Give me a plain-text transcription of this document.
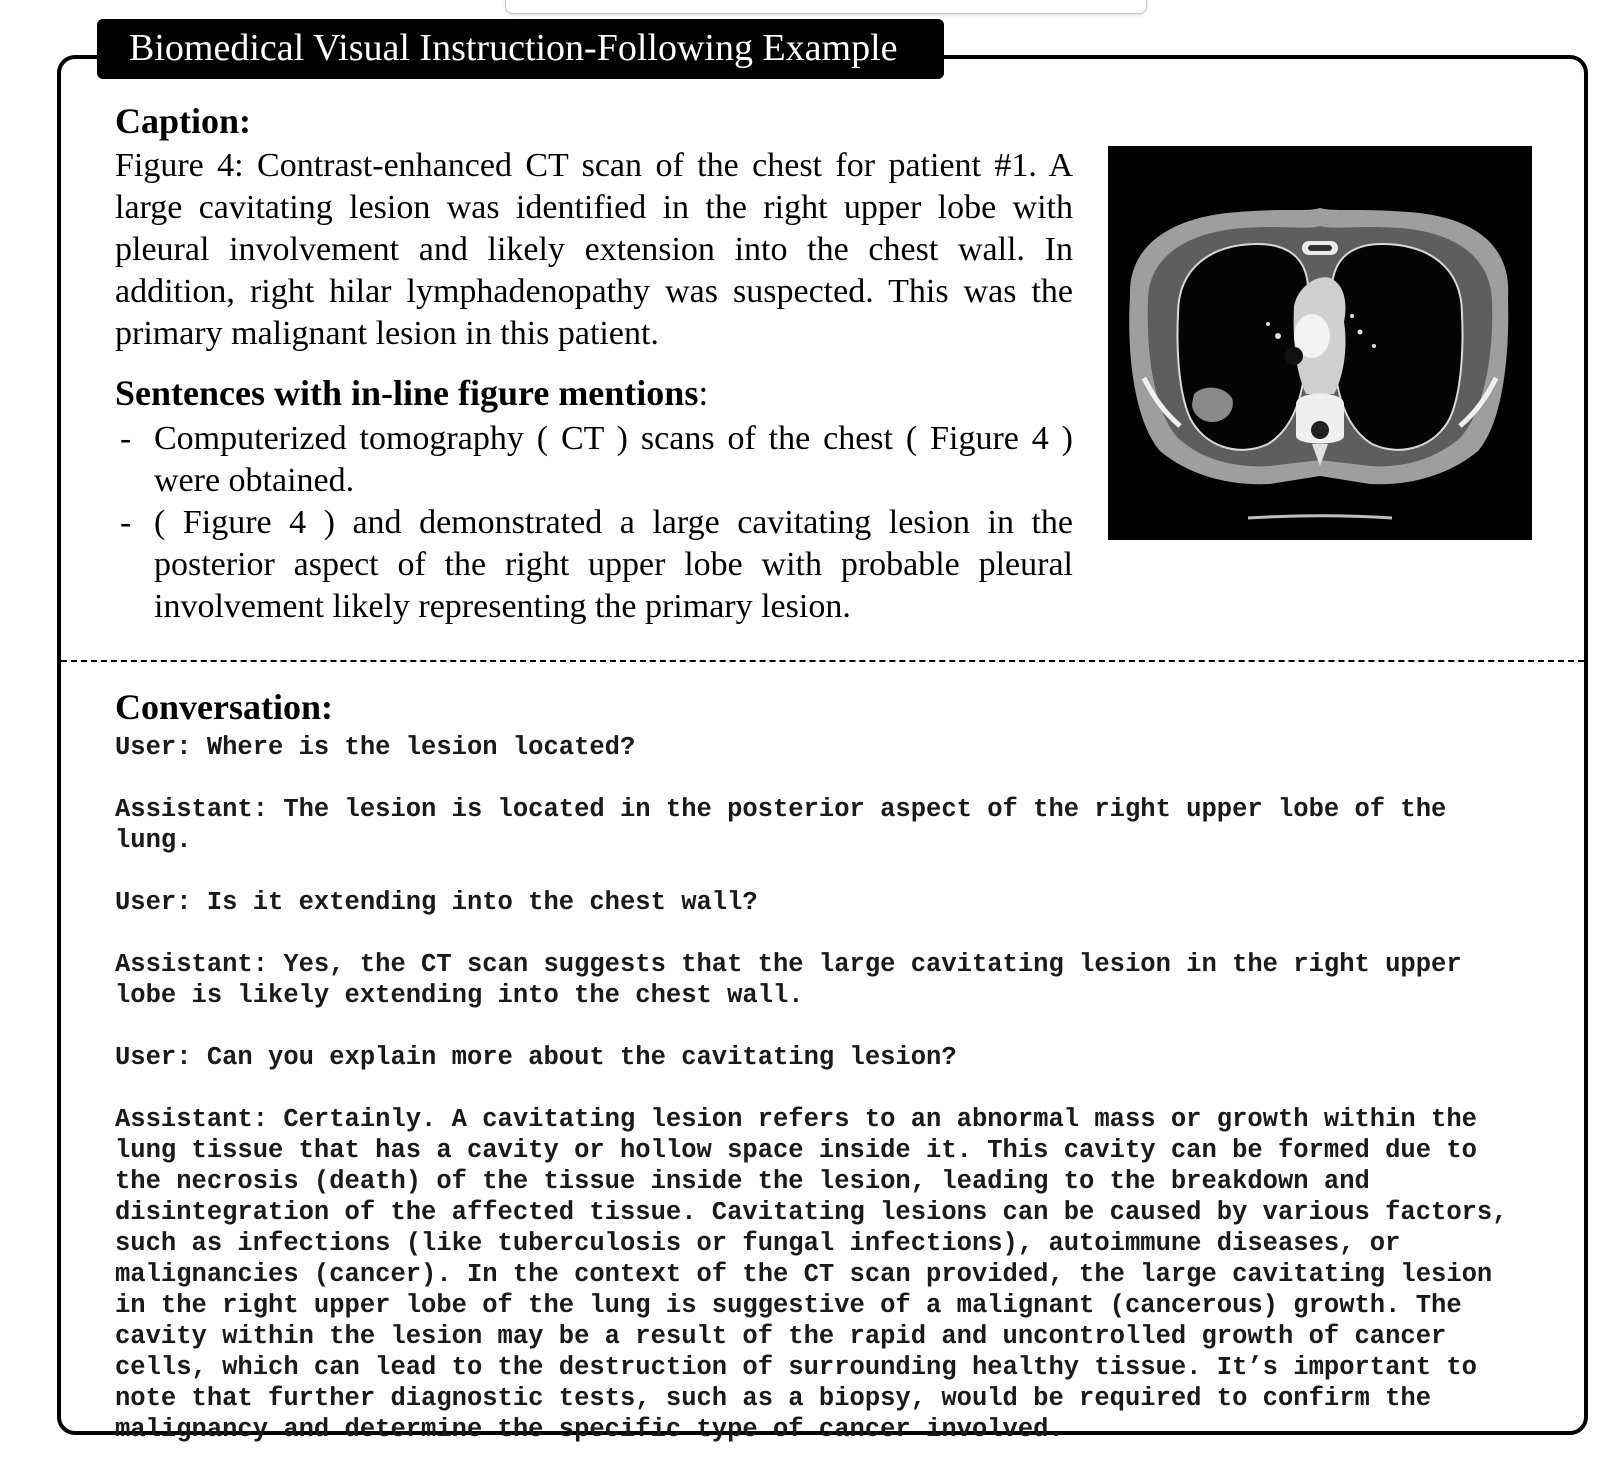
Biomedical Visual Instruction-Following Example
Caption:
Figure 4: Contrast-enhanced CT scan of the chest for patient #1. A large cavitating lesion was identified in the right upper lobe with pleural involvement and likely extension into the chest wall. In addition, right hilar lymphadenopathy was suspected. This was the primary malignant lesion in this patient.
Sentences with in-line figure mentions:
- Computerized tomography ( CT ) scans of the chest ( Figure 4 ) were obtained.
- ( Figure 4 ) and demonstrated a large cavitating lesion in the posterior aspect of the right upper lobe with probable pleural involvement likely representing the primary lesion.
Conversation:
User: Where is the lesion located?
Assistant: The lesion is located in the posterior aspect of the right upper lobe of the lung.
User: Is it extending into the chest wall?
Assistant: Yes, the CT scan suggests that the large cavitating lesion in the right upper lobe is likely extending into the chest wall.
User: Can you explain more about the cavitating lesion?
Assistant: Certainly. A cavitating lesion refers to an abnormal mass or growth within the lung tissue that has a cavity or hollow space inside it. This cavity can be formed due to the necrosis (death) of the tissue inside the lesion, leading to the breakdown and disintegration of the affected tissue. Cavitating lesions can be caused by various factors, such as infections (like tuberculosis or fungal infections), autoimmune diseases, or malignancies (cancer). In the context of the CT scan provided, the large cavitating lesion in the right upper lobe of the lung is suggestive of a malignant (cancerous) growth. The cavity within the lesion may be a result of the rapid and uncontrolled growth of cancer cells, which can lead to the destruction of surrounding healthy tissue. It’s important to note that further diagnostic tests, such as a biopsy, would be required to confirm the malignancy and determine the specific type of cancer involved.
